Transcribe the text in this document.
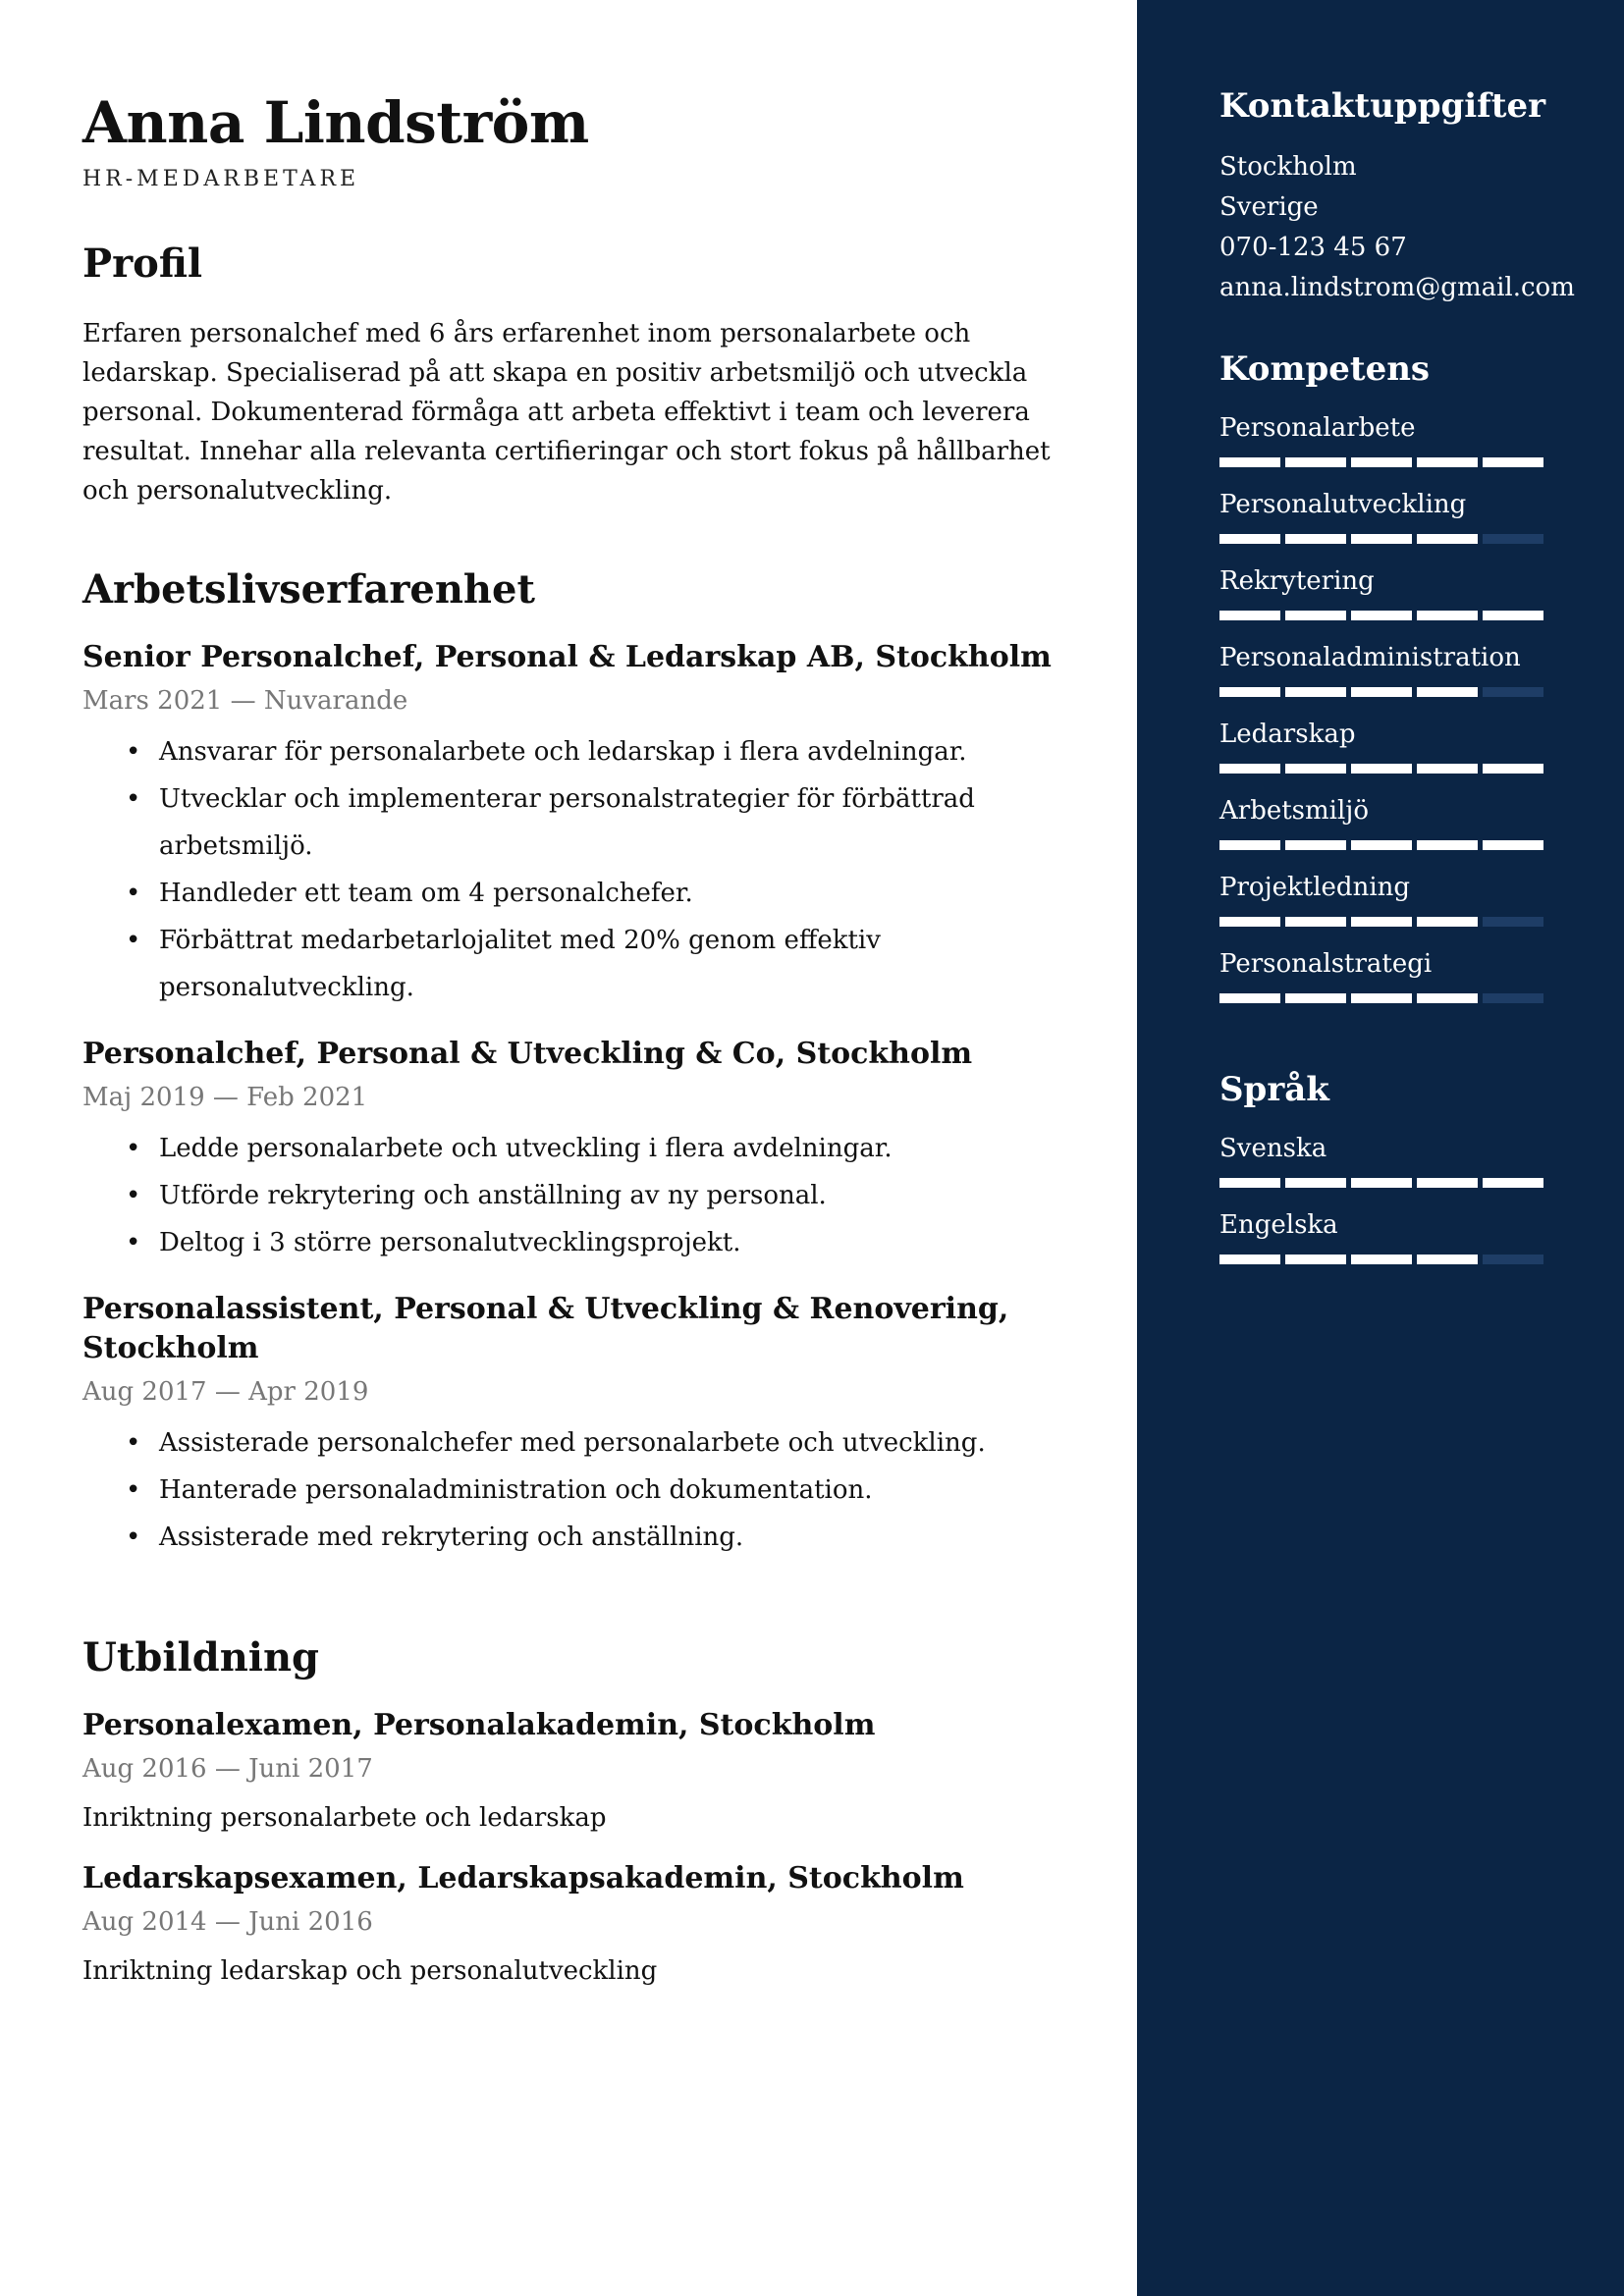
Anna Lindström
HR-MEDARBETARE
Profil
Erfaren personalchef med 6 års erfarenhet inom personalarbete och ledarskap. Specialiserad på att skapa en positiv arbetsmiljö och utveckla personal. Dokumenterad förmåga att arbeta effektivt i team och leverera resultat. Innehar alla relevanta certifieringar och stort fokus på hållbarhet och personalutveckling.
Arbetslivserfarenhet
Senior Personalchef, Personal & Ledarskap AB, Stockholm
Mars 2021 — Nuvarande
• Ansvarar för personalarbete och ledarskap i flera avdelningar.
• Utvecklar och implementerar personalstrategier för förbättrad arbetsmiljö.
• Handleder ett team om 4 personalchefer.
• Förbättrat medarbetarlojalitet med 20% genom effektiv personalutveckling.
Personalchef, Personal & Utveckling & Co, Stockholm
Maj 2019 — Feb 2021
• Ledde personalarbete och utveckling i flera avdelningar.
• Utförde rekrytering och anställning av ny personal.
• Deltog i 3 större personalutvecklingsprojekt.
Personalassistent, Personal & Utveckling & Renovering, Stockholm
Aug 2017 — Apr 2019
• Assisterade personalchefer med personalarbete och utveckling.
• Hanterade personaladministration och dokumentation.
• Assisterade med rekrytering och anställning.
Utbildning
Personalexamen, Personalakademin, Stockholm
Aug 2016 — Juni 2017
Inriktning personalarbete och ledarskap
Ledarskapsexamen, Ledarskapsakademin, Stockholm
Aug 2014 — Juni 2016
Inriktning ledarskap och personalutveckling
Kontaktuppgifter
Stockholm
Sverige
070-123 45 67
anna.lindstrom@gmail.com
Kompetens
Personalarbete
Personalutveckling
Rekrytering
Personaladministration
Ledarskap
Arbetsmiljö
Projektledning
Personalstrategi
Språk
Svenska
Engelska
